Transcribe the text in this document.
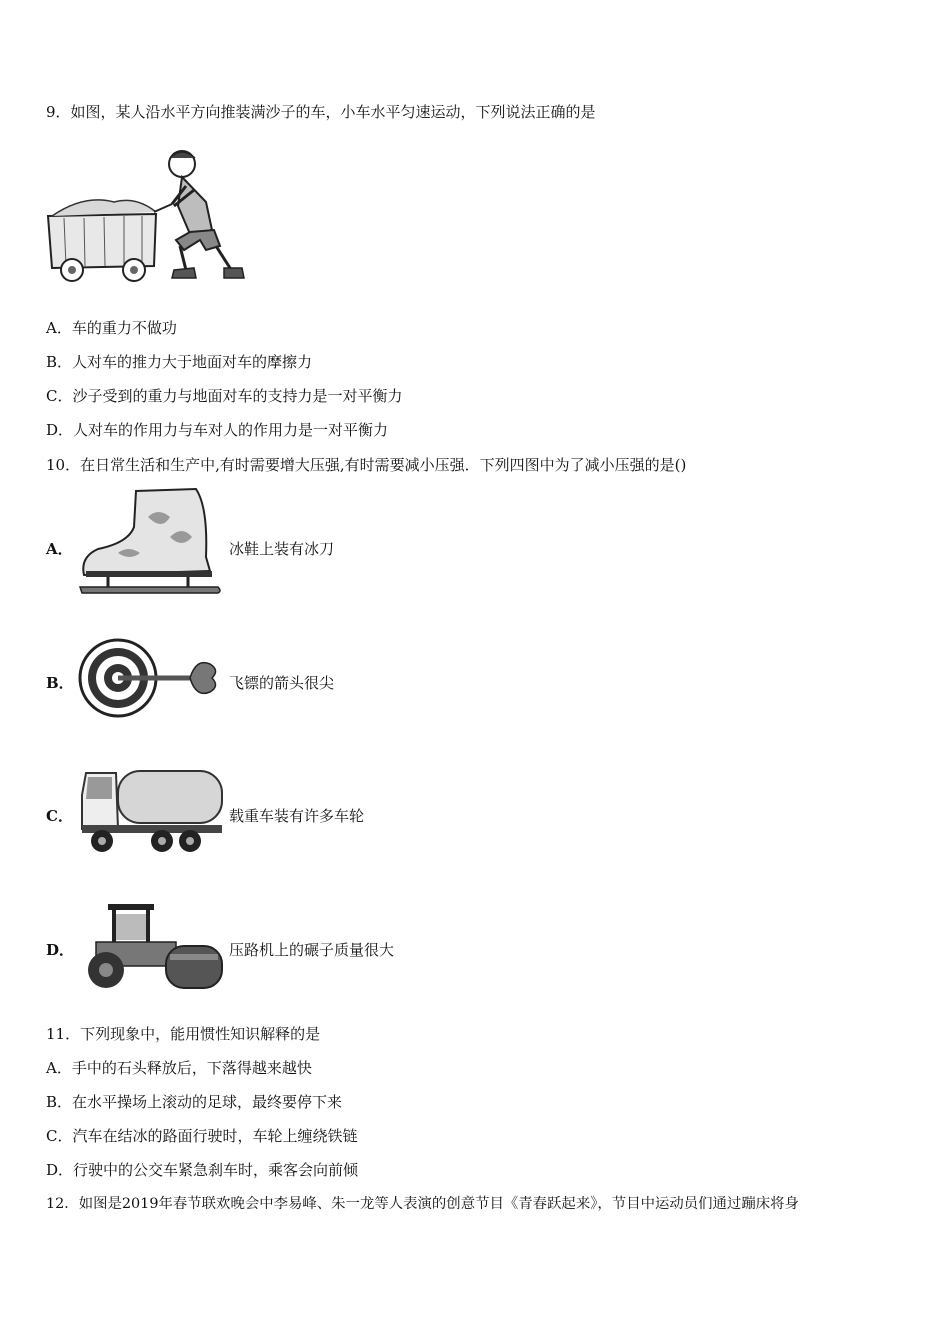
9．如图，某人沿水平方向推装满沙子的车，小车水平匀速运动，下列说法正确的是
A．车的重力不做功
B．人对车的推力大于地面对车的摩擦力
C．沙子受到的重力与地面对车的支持力是一对平衡力
D．人对车的作用力与车对人的作用力是一对平衡力
10．在日常生活和生产中,有时需要增大压强,有时需要减小压强．下列四图中为了减小压强的是()
A．	冰鞋上装有冰刀
B．	飞镖的箭头很尖
C．	载重车装有许多车轮
D．	压路机上的碾子质量很大
11．下列现象中，能用惯性知识解释的是
A．手中的石头释放后，下落得越来越快
B．在水平操场上滚动的足球，最终要停下来
C．汽车在结冰的路面行驶时，车轮上缠绕铁链
D．行驶中的公交车紧急刹车时，乘客会向前倾
12．如图是2019年春节联欢晚会中李易峰、朱一龙等人表演的创意节目《青春跃起来》，节目中运动员们通过蹦床将身
